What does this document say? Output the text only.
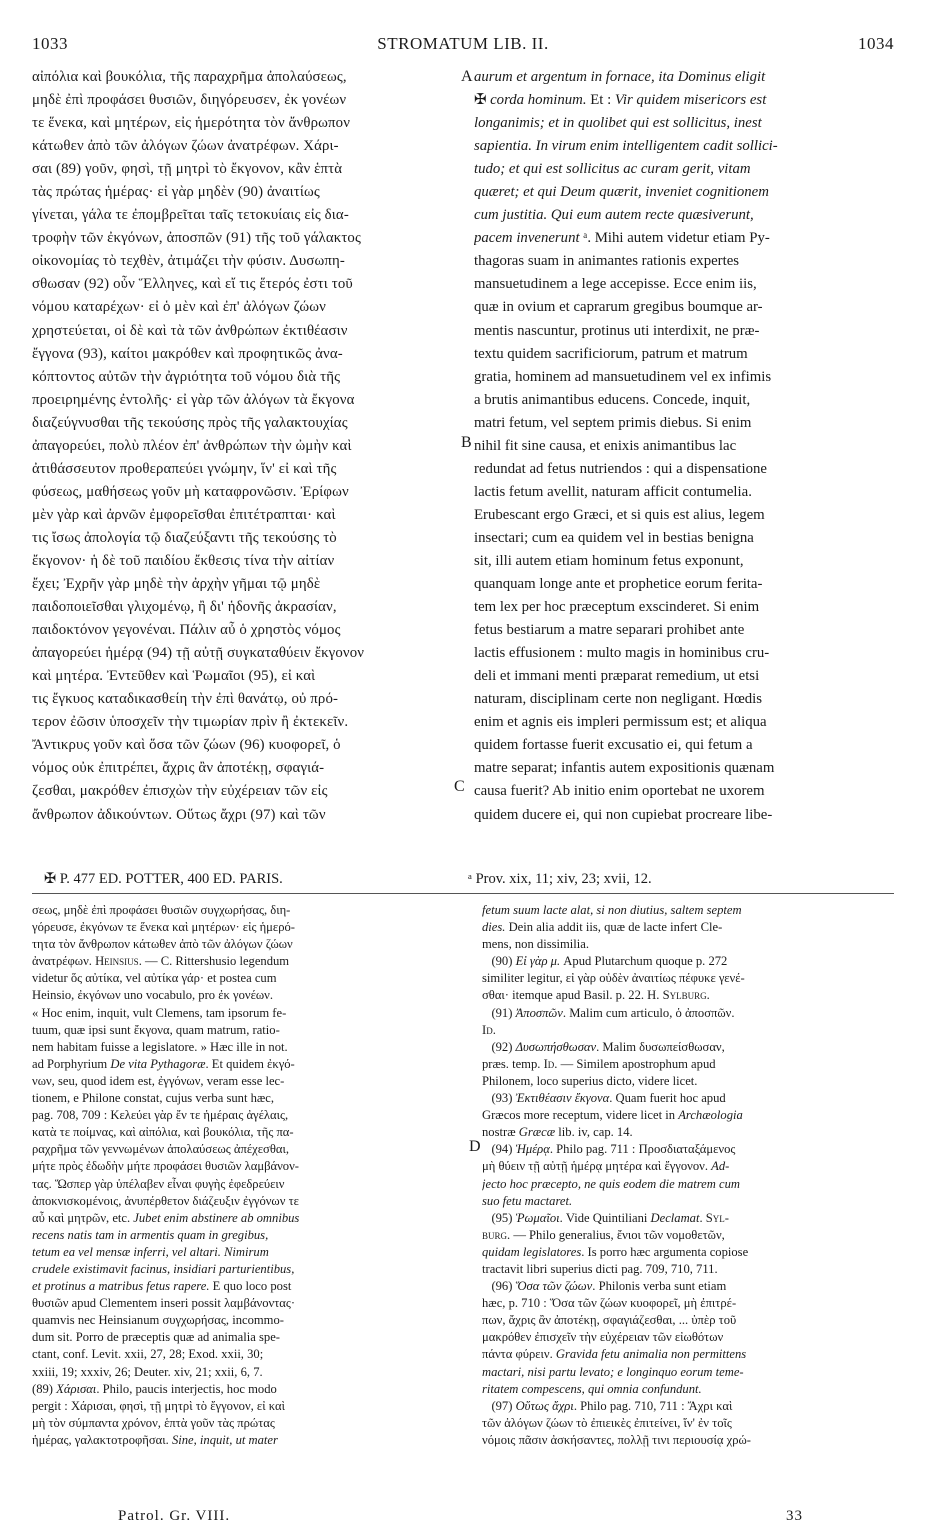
1033	STROMATUM LIB. II.	1034

αἰπόλια καὶ βουκόλια, τῆς παραχρῆμα ἀπολαύσεως,

μηδὲ ἐπὶ προφάσει θυσιῶν, διηγόρευσεν, ἐκ γονέων

τε ἕνεκα, καὶ μητέρων, εἰς ἡμερότητα τὸν ἄνθρωπον

κάτωθεν ἀπὸ τῶν ἀλόγων ζώων ἀνατρέφων. Χάρι-

σαι (89) γοῦν, φησὶ, τῇ μητρὶ τὸ ἔκγονον, κἂν ἑπτὰ

τὰς πρώτας ἡμέρας· εἰ γὰρ μηδὲν (90) ἀναιτίως

γίνεται, γάλα τε ἐπομβρεῖται ταῖς τετοκυίαις εἰς δια-

τροφὴν τῶν ἐκγόνων, ἀποσπῶν (91) τῆς τοῦ γάλακτος

οἰκονομίας τὸ τεχθὲν, ἀτιμάζει τὴν φύσιν. Δυσωπη-

σθωσαν (92) οὖν Ἕλληνες, καὶ εἴ τις ἕτερός ἐστι τοῦ

νόμου καταρέχων· εἰ ὁ μὲν καὶ ἐπ' ἀλόγων ζώων

χρηστεύεται, οἱ δὲ καὶ τὰ τῶν ἀνθρώπων ἐκτιθέασιν

ἔγγονα (93), καίτοι μακρόθεν καὶ προφητικῶς ἀνα-

κόπτοντος αὐτῶν τὴν ἀγριότητα τοῦ νόμου διὰ τῆς

προειρημένης ἐντολῆς· εἰ γὰρ τῶν ἀλόγων τὰ ἔκγονα

διαζεύγνυσθαι τῆς τεκούσης πρὸς τῆς γαλακτουχίας

ἀπαγορεύει, πολὺ πλέον ἐπ' ἀνθρώπων τὴν ὠμὴν καὶ

ἀτιθάσσευτον προθεραπεύει γνώμην, ἵν' εἰ καὶ τῆς

φύσεως, μαθήσεως γοῦν μὴ καταφρονῶσιν. Ἐρίφων

μὲν γὰρ καὶ ἀρνῶν ἐμφορεῖσθαι ἐπιτέτραπται· καὶ

τις ἴσως ἀπολογία τῷ διαζεύξαντι τῆς τεκούσης τὸ

ἔκγονον· ἡ δὲ τοῦ παιδίου ἔκθεσις τίνα τὴν αἰτίαν

ἔχει; Ἐχρῆν γὰρ μηδὲ τὴν ἀρχὴν γῆμαι τῷ μηδὲ

παιδοποιεῖσθαι γλιχομένῳ, ἢ δι' ἡδονῆς ἀκρασίαν,

παιδοκτόνον γεγονέναι. Πάλιν αὖ ὁ χρηστὸς νόμος

ἀπαγορεύει ἡμέρᾳ (94) τῇ αὐτῇ συγκαταθύειν ἔκγονον

καὶ μητέρα. Ἐντεῦθεν καὶ Ῥωμαῖοι (95), εἰ καὶ

τις ἔγκυος καταδικασθείη τὴν ἐπὶ θανάτῳ, οὐ πρό-

τερον ἐῶσιν ὑποσχεῖν τὴν τιμωρίαν πρὶν ἢ ἐκτεκεῖν.

Ἄντικρυς γοῦν καὶ ὅσα τῶν ζώων (96) κυοφορεῖ, ὁ

νόμος οὐκ ἐπιτρέπει, ἄχρις ἂν ἀποτέκῃ, σφαγιά-

ζεσθαι, μακρόθεν ἐπισχὼν τὴν εὐχέρειαν τῶν εἰς

ἄνθρωπον ἀδικούντων. Οὕτως ἄχρι (97) καὶ τῶν

aurum et argentum in fornace, ita Dominus eligit

✠ corda hominum. Et : Vir quidem misericors est

longanimis; et in quolibet qui est sollicitus, inest

sapientia. In virum enim intelligentem cadit sollici-

tudo; et qui est sollicitus ac curam gerit, vitam

quæret; et qui Deum quærit, inveniet cognitionem

cum justitia. Qui eum autem recte quæsiverunt,

pacem invenerunt ᵃ. Mihi autem videtur etiam Py-

thagoras suam in animantes rationis expertes

mansuetudinem a lege accepisse. Ecce enim iis,

quæ in ovium et caprarum gregibus boumque ar-

mentis nascuntur, protinus uti interdixit, ne præ-

textu quidem sacrificiorum, patrum et matrum

gratia, hominem ad mansuetudinem vel ex infimis

a brutis animantibus educens. Concede, inquit,

matri fetum, vel septem primis diebus. Si enim

nihil fit sine causa, et enixis animantibus lac

redundat ad fetus nutriendos : qui a dispensatione

lactis fetum avellit, naturam afficit contumelia.

Erubescant ergo Græci, et si quis est alius, legem

insectari; cum ea quidem vel in bestias benigna

sit, illi autem etiam hominum fetus exponunt,

quanquam longe ante et prophetice eorum ferita-

tem lex per hoc præceptum exscinderet. Si enim

fetus bestiarum a matre separari prohibet ante

lactis effusionem : multo magis in hominibus cru-

deli et immani menti præparat remedium, ut etsi

naturam, disciplinam certe non negligant. Hœdis

enim et agnis eis impleri permissum est; et aliqua

quidem fortasse fuerit excusatio ei, qui fetum a

matre separat; infantis autem expositionis quænam

causa fuerit? Ab initio enim oportebat ne uxorem

quidem ducere ei, qui non cupiebat procreare libe-

A
B
C
D
✠ P. 477 ED. POTTER, 400 ED. PARIS.	ᵃ Prov. xix, 11; xiv, 23; xvii, 12.

σεως, μηδὲ ἐπὶ προφάσει θυσιῶν συγχωρήσας, διη-

γόρευσε, ἐκγόνων τε ἕνεκα καὶ μητέρων· εἰς ἡμερό-

τητα τὸν ἄνθρωπον κάτωθεν ἀπὸ τῶν ἀλόγων ζώων

ἀνατρέφων. Heinsius. — C. Rittershusio legendum

videtur ὅς αὐτίκα, vel αὐτίκα γάρ· et postea cum

Heinsio, ἐκγόνων uno vocabulo, pro ἐκ γονέων.

« Hoc enim, inquit, vult Clemens, tam ipsorum fe-

tuum, quæ ipsi sunt ἔκγονα, quam matrum, ratio-

nem habitam fuisse a legislatore. » Hæc ille in not.

ad Porphyrium De vita Pythagoræ. Et quidem ἐκγό-

νων, seu, quod idem est, ἐγγόνων, veram esse lec-

tionem, e Philone constat, cujus verba sunt hæc,

pag. 708, 709 : Κελεύει γὰρ ἔν τε ἡμέραις ἀγέλαις,

κατὰ τε ποίμνας, καὶ αἰπόλια, καὶ βουκόλια, τῆς πα-

ραχρῆμα τῶν γεννωμένων ἀπολαύσεως ἀπέχεσθαι,

μήτε πρὸς ἐδωδὴν μήτε προφάσει θυσιῶν λαμβάνον-

τας. Ὥσπερ γὰρ ὑπέλαβεν εἶναι φυγὴς ἐφεδρεύειν

ἀποκνισκομένοις, ἀνυπέρθετον διάζευξιν ἐγγόνων τε

αὖ καὶ μητρῶν, etc. Jubet enim abstinere ab omnibus

recens natis tam in armentis quam in gregibus,

tetum ea vel mensæ inferri, vel altari. Nimirum

crudele existimavit facinus, insidiari parturientibus,

et protinus a matribus fetus rapere. E quo loco post

θυσιῶν apud Clementem inseri possit λαμβάνοντας·

quamvis nec Heinsianum συγχωρήσας, incommo-

dum sit. Porro de præceptis quæ ad animalia spe-

ctant, conf. Levit. xxii, 27, 28; Exod. xxii, 30;

xxiii, 19; xxxiv, 26; Deuter. xiv, 21; xxii, 6, 7.

(89) Χάρισαι. Philo, paucis interjectis, hoc modo

pergit : Χάρισαι, φησὶ, τῇ μητρὶ τὸ ἔγγονον, εἰ καὶ

μὴ τὸν σύμπαντα χρόνον, ἑπτὰ γοῦν τὰς πρώτας

ἡμέρας, γαλακτοτροφῆσαι. Sine, inquit, ut mater

fetum suum lacte alat, si non diutius, saltem septem

dies. Dein alia addit iis, quæ de lacte infert Cle-

mens, non dissimilia.

(90) Εἰ γὰρ μ. Apud Plutarchum quoque p. 272

similiter legitur, εἰ γὰρ οὐδὲν ἀναιτίως πέφυκε γενέ-

σθαι· itemque apud Basil. p. 22. H. Sylburg.

(91) Ἀποσπῶν. Malim cum articulo, ὁ ἀποσπῶν.

Id.

(92) Δυσωπήσθωσαν. Malim δυσωπείσθωσαν,

præs. temp. Id. — Similem apostrophum apud

Philonem, loco superius dicto, videre licet.

(93) Ἐκτιθέασιν ἔκγονα. Quam fuerit hoc apud

Græcos more receptum, videre licet in Archæologia

nostræ Græcæ lib. iv, cap. 14.

(94) Ἡμέρᾳ. Philo pag. 711 : Προσδιαταξάμενος

μὴ θύειν τῇ αὐτῇ ἡμέρᾳ μητέρα καὶ ἔγγονον. Ad-

jecto hoc præcepto, ne quis eodem die matrem cum

suo fetu mactaret.

(95) Ῥωμαῖοι. Vide Quintiliani Declamat. Syl-

burg. — Philo generalius, ἔνιοι τῶν νομοθετῶν,

quidam legislatores. Is porro hæc argumenta copiose

tractavit libri superius dicti pag. 709, 710, 711.

(96) Ὅσα τῶν ζώων. Philonis verba sunt etiam

hæc, p. 710 : Ὅσα τῶν ζώων κυοφορεῖ, μὴ ἐπιτρέ-

πων, ἄχρις ἂν ἀποτέκῃ, σφαγιάζεσθαι, ... ὑπὲρ τοῦ

μακρόθεν ἐπισχεῖν τὴν εὐχέρειαν τῶν εἰωθότων

πάντα φύρειν. Gravida fetu animalia non permittens

mactari, nisi partu levato; e longinquo eorum teme-

ritatem compescens, qui omnia confundunt.

(97) Οὕτως ἄχρι. Philo pag. 710, 711 : Ἄχρι καὶ

τῶν ἀλόγων ζώων τὸ ἐπιεικὲς ἐπιτείνει, ἵν' ἐν τοῖς

νόμοις πᾶσιν ἀσκήσαντες, πολλῇ τινι περιουσίᾳ χρώ-

Patrol. Gr. VIII.	33
